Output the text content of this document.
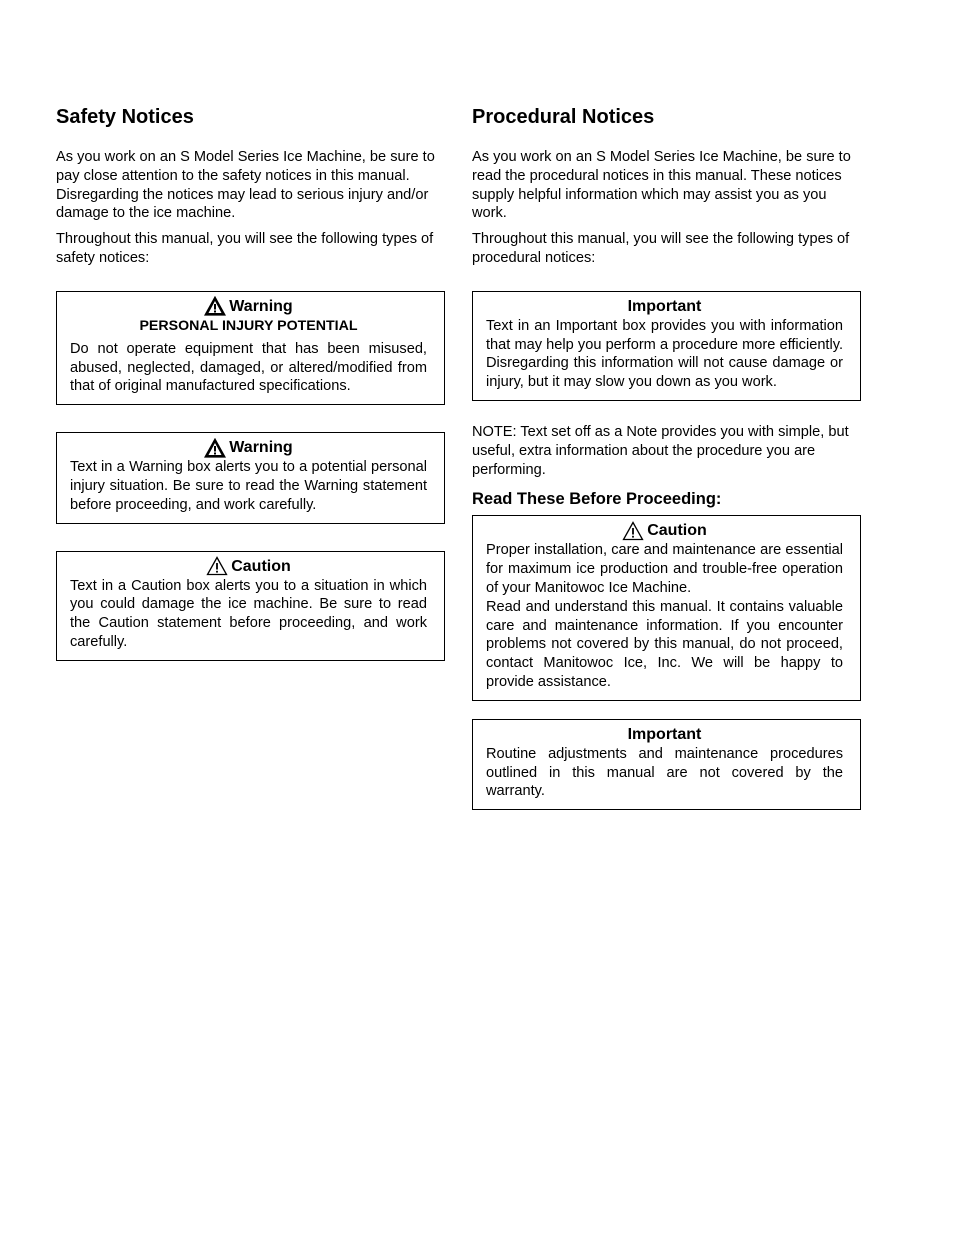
Safety Notices

As you work on an S Model Series Ice Machine, be sure to pay close attention to the safety notices in this manual. Disregarding the notices may lead to serious injury and/or damage to the ice machine.

Throughout this manual, you will see the following types of safety notices:

Warning
PERSONAL INJURY POTENTIAL
Do not operate equipment that has been misused, abused, neglected, damaged, or altered/modified from that of original manufactured specifications.
Warning
Text in a Warning box alerts you to a potential personal injury situation. Be sure to read the Warning statement before proceeding, and work carefully.
Caution
Text in a Caution box alerts you to a situation in which you could damage the ice machine. Be sure to read the Caution statement before proceeding, and work carefully.
Procedural Notices

As you work on an S Model Series Ice Machine, be sure to read the procedural notices in this manual. These notices supply helpful information which may assist you as you work.

Throughout this manual, you will see the following types of procedural notices:

Important
Text in an Important box provides you with information that may help you perform a procedure more efficiently. Disregarding this information will not cause damage or injury, but it may slow you down as you work.

NOTE: Text set off as a Note provides you with simple, but useful, extra information about the procedure you are performing.

Read These Before Proceeding:
Caution
Proper installation, care and maintenance are essential for maximum ice production and trouble-free operation of your Manitowoc Ice Machine.
Read and understand this manual. It contains valuable care and maintenance information. If you encounter problems not covered by this manual, do not proceed, contact Manitowoc Ice, Inc. We will be happy to provide assistance.
Important
Routine adjustments and maintenance procedures outlined in this manual are not covered by the warranty.
